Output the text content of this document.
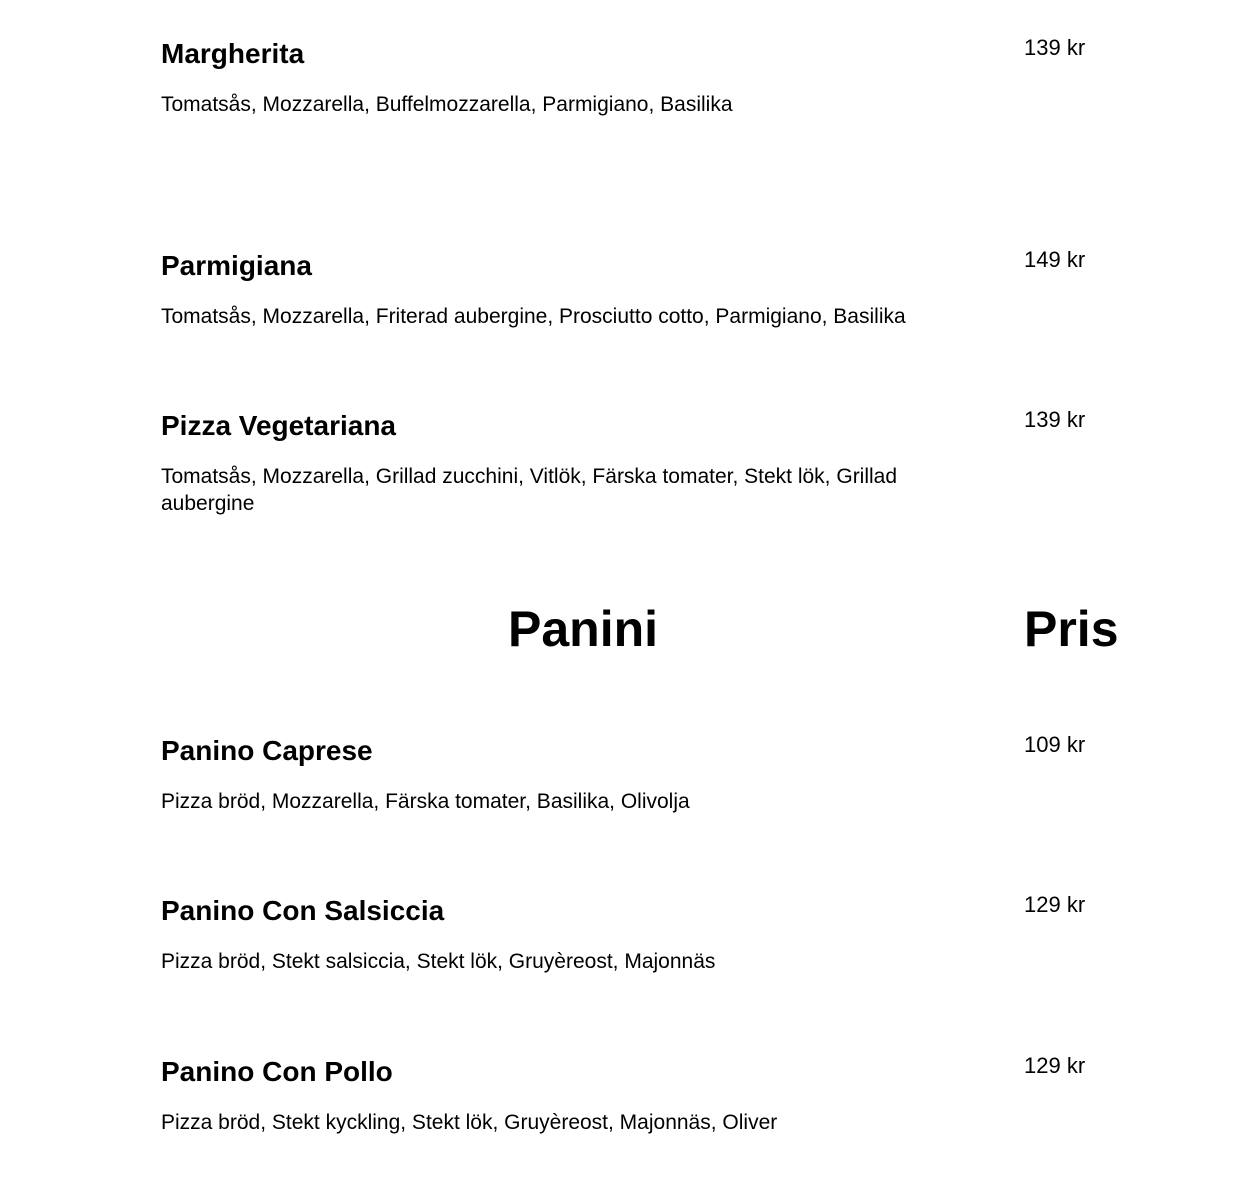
Margherita	139 kr
Tomatsås, Mozzarella, Buffelmozzarella, Parmigiano, Basilika
Parmigiana	149 kr
Tomatsås, Mozzarella, Friterad aubergine, Prosciutto cotto, Parmigiano, Basilika
Pizza Vegetariana	139 kr
Tomatsås, Mozzarella, Grillad zucchini, Vitlök, Färska tomater, Stekt lök, Grillad aubergine
Panini	Pris
Panino Caprese	109 kr
Pizza bröd, Mozzarella, Färska tomater, Basilika, Olivolja
Panino Con Salsiccia	129 kr
Pizza bröd, Stekt salsiccia, Stekt lök, Gruyèreost, Majonnäs
Panino Con Pollo	129 kr
Pizza bröd, Stekt kyckling, Stekt lök, Gruyèreost, Majonnäs, Oliver
